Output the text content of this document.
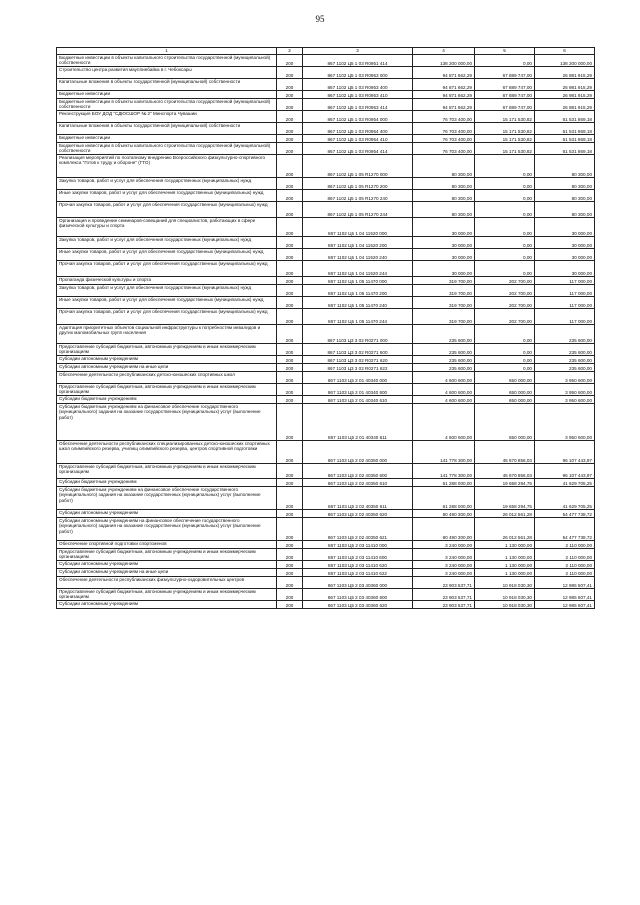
95
1	2	3	4	5	6
Бюджетные инвестиции в объекты капитального строительства государственной (муниципальной) собственности	200	867 1102 Ц5 1 03 R0951 414	138 200 000,00	0,00	138 200 000,00
Строительство центра развития мауплинбайка в г. Чебоксары	200	867 1102 Ц5 1 03 R0953 000	94 871 662,29	67 889 747,00	26 981 915,29
Капитальные вложения в объекты государственной (муниципальной) собственности	200	867 1102 Ц5 1 03 R0953 400	94 871 662,29	67 889 747,00	26 981 915,29
Бюджетные инвестиции	200	867 1102 Ц5 1 03 R0953 410	94 871 662,29	67 889 747,00	26 981 915,29
Бюджетные инвестиции в объекты капитального строительства государственной (муниципальной) собственности	200	867 1102 Ц5 1 03 R0953 414	94 871 662,29	67 889 747,00	26 981 915,29
Реконструкция БОУ ДОД "СДЮСШОР № 2" Минспорта Чувашии	200	867 1102 Ц5 1 03 R0954 000	76 703 400,00	15 171 530,82	61 531 869,18
Капитальные вложения в объекты государственной (муниципальной) собственности	200	867 1102 Ц5 1 03 R0954 400	76 703 400,00	15 171 530,82	61 531 869,18
Бюджетные инвестиции	200	867 1102 Ц5 1 03 R0954 410	76 703 400,00	15 171 530,82	61 531 869,18
Бюджетные инвестиции в объекты капитального строительства государственной (муниципальной) собственности	200	867 1102 Ц5 1 03 R0954 414	76 703 400,00	15 171 530,82	61 531 869,18
Реализация мероприятий по поэтапному внедрению Всероссийского физкультурно-спортивного комплекса "Готов к труду и обороне" (ГТО)	200	867 1102 Ц5 1 05 R1270 000	80 300,00	0,00	80 300,00
Закупка товаров, работ и услуг для обеспечения государственных (муниципальных) нужд	200	867 1102 Ц5 1 05 R1270 200	80 300,00	0,00	80 300,00
Иные закупки товаров, работ и услуг для обеспечения государственных (муниципальных) нужд	200	867 1102 Ц5 1 05 R1270 240	80 300,00	0,00	80 300,00
Прочая закупка товаров, работ и услуг для обеспечения государственных (муниципальных) нужд	200	867 1102 Ц5 1 05 R1270 244	80 300,00	0,00	80 300,00
Организация и проведение семинаров-совещаний для специалистов, работающих в сфере физической культуры и спорта	200	867 1102 Ц5 1 04 11520 000	30 000,00	0,00	30 000,00
Закупка товаров, работ и услуг для обеспечения государственных (муниципальных) нужд	200	867 1102 Ц5 1 04 11520 200	30 000,00	0,00	30 000,00
Иные закупки товаров, работ и услуг для обеспечения государственных (муниципальных) нужд	200	867 1102 Ц5 1 04 11520 240	30 000,00	0,00	30 000,00
Прочая закупка товаров, работ и услуг для обеспечения государственных (муниципальных) нужд	200	867 1102 Ц5 1 04 11520 244	30 000,00	0,00	30 000,00
Пропаганда физической культуры и спорта	200	867 1102 Ц5 1 05 11470 000	319 700,00	202 700,00	117 000,00
Закупка товаров, работ и услуг для обеспечения государственных (муниципальных) нужд	200	867 1102 Ц5 1 05 11470 200	319 700,00	202 700,00	117 000,00
Иные закупки товаров, работ и услуг для обеспечения государственных (муниципальных) нужд	200	867 1102 Ц5 1 05 11470 240	319 700,00	202 700,00	117 000,00
Прочая закупка товаров, работ и услуг для обеспечения государственных (муниципальных) нужд	200	867 1102 Ц5 1 05 11470 244	319 700,00	202 700,00	117 000,00
Адаптация приоритетных объектов социальной инфраструктуры к потребностям инвалидов и других маломобильных групп населения	200	867 1103 Ц3 3 02 R0271 000	235 600,00	0,00	235 600,00
Предоставление субсидий бюджетным, автономным учреждениям и иным некоммерческим организациям	200	867 1103 Ц3 3 02 R0271 600	235 600,00	0,00	235 600,00
Субсидии автономным учреждениям	200	867 1103 Ц3 3 02 R0271 620	235 600,00	0,00	235 600,00
Субсидии автономным учреждениям на иные цели	200	867 1103 Ц3 3 02 R0271 622	235 600,00	0,00	235 600,00
Обеспечение деятельности республиканских детско-юношеских спортивных школ	200	867 1103 Ц5 2 01 40340 000	4 600 600,00	650 000,00	3 950 600,00
Предоставление субсидий бюджетным, автономным учреждениям и иным некоммерческим организациям	200	867 1103 Ц5 2 01 40340 600	4 600 600,00	650 000,00	3 950 600,00
Субсидии бюджетным учреждениям	200	867 1103 Ц5 2 01 40340 610	4 600 600,00	650 000,00	3 950 600,00
Субсидии бюджетным учреждениям на финансовое обеспечение государственного (муниципального) задания на оказание государственных (муниципальных) услуг (выполнение работ)	200	867 1103 Ц5 2 01 40340 611	4 600 600,00	650 000,00	3 950 600,00
Обеспечение деятельности республиканских специализированных детско-юношеских спортивных школ олимпийского резерва, училищ олимпийского резерва, центров спортивной подготовки	200	867 1103 Ц5 2 02 40350 000	141 778 300,00	45 670 856,03	96 107 443,97
Предоставление субсидий бюджетным, автономным учреждениям и иным некоммерческим организациям	200	867 1103 Ц5 2 02 40350 600	141 778 300,00	45 670 856,03	96 107 443,97
Субсидии бюджетным учреждениям	200	867 1103 Ц5 2 02 40350 610	61 288 000,00	19 658 294,75	41 629 705,25
Субсидии бюджетным учреждениям на финансовое обеспечение государственного (муниципального) задания на оказание государственных (муниципальных) услуг (выполнение работ)	200	867 1103 Ц5 2 02 40350 611	61 288 000,00	19 658 294,75	41 629 705,25
Субсидии автономным учреждениям	200	867 1103 Ц5 2 02 40350 620	80 490 300,00	26 012 561,28	54 477 738,72
Субсидии автономным учреждениям на финансовое обеспечение государственного (муниципального) задания на оказание государственных (муниципальных) услуг (выполнение работ)	200	867 1103 Ц5 2 02 40350 621	80 490 300,00	26 012 561,28	54 477 738,72
Обеспечение спортивной подготовки спортсменов	200	867 1103 Ц5 2 03 11410 000	3 240 000,00	1 130 000,00	2 110 000,00
Предоставление субсидий бюджетным, автономным учреждениям и иным некоммерческим организациям	200	867 1103 Ц5 2 03 11410 600	3 240 000,00	1 130 000,00	2 110 000,00
Субсидии автономным учреждениям	200	867 1103 Ц5 2 03 11410 620	3 240 000,00	1 130 000,00	2 110 000,00
Субсидии автономным учреждениям на иные цели	200	867 1103 Ц5 2 03 11410 622	3 240 000,00	1 130 000,00	2 110 000,00
Обеспечение деятельности республиканских физкультурно-оздоровительных центров	200	867 1103 Ц5 2 03 40360 000	23 903 537,71	10 918 030,30	12 985 507,41
Предоставление субсидий бюджетным, автономным учреждениям и иным некоммерческим организациям	200	867 1103 Ц5 2 03 40360 600	23 903 537,71	10 918 030,30	12 985 507,41
Субсидии автономным учреждениям	200	867 1103 Ц5 2 03 40360 620	23 903 537,71	10 918 030,30	12 985 507,41
